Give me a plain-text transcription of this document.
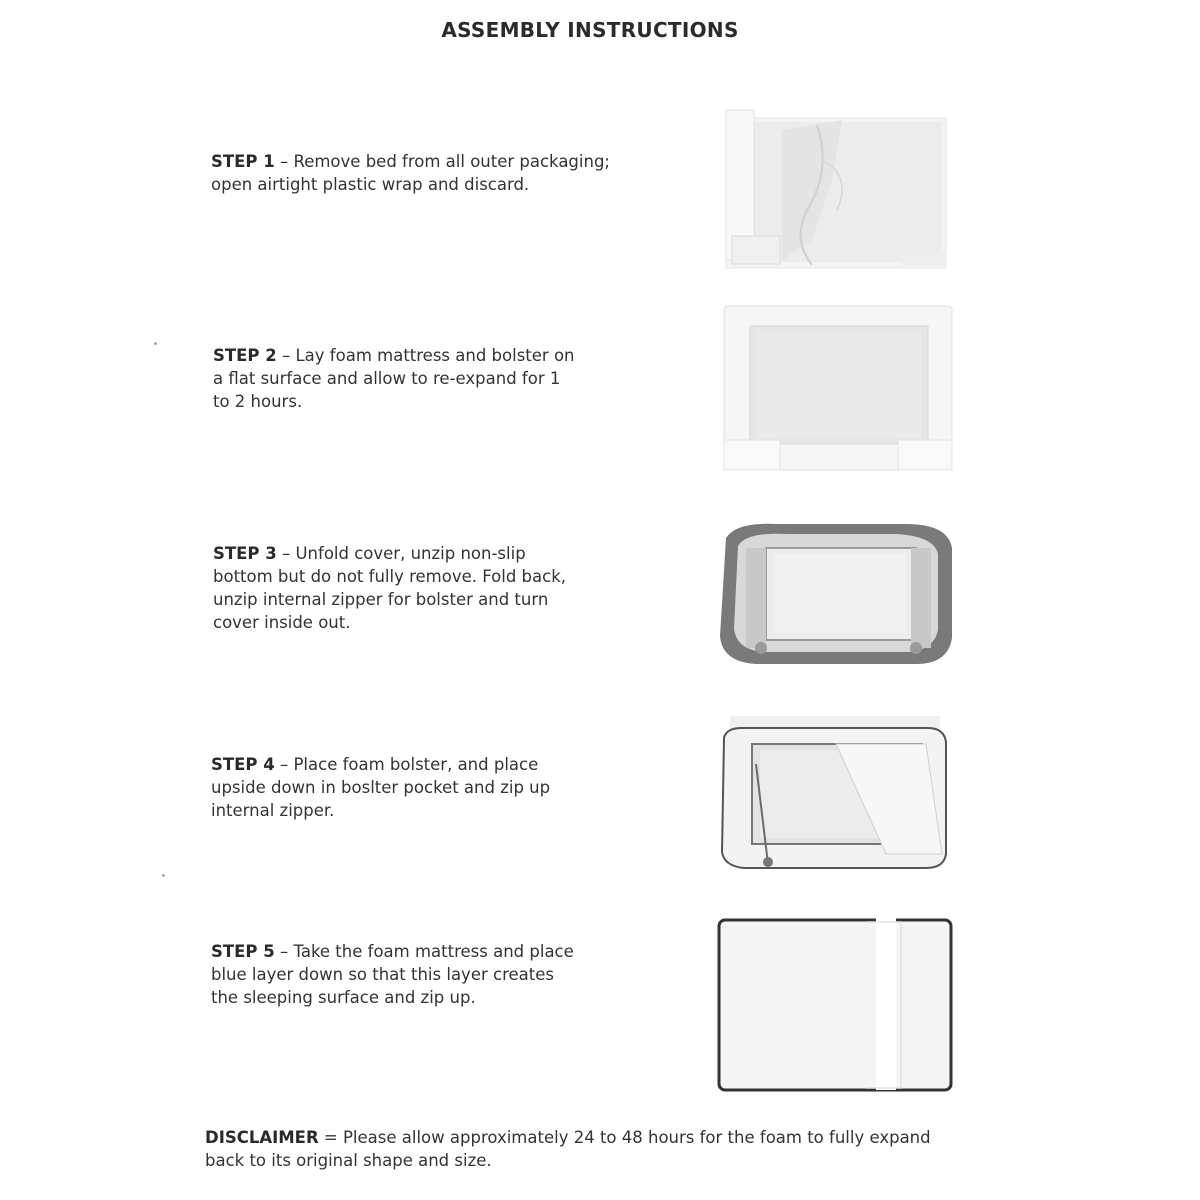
ASSEMBLY INSTRUCTIONS

STEP 1 – Remove bed from all outer packaging;

open airtight plastic wrap and discard.

STEP 2 – Lay foam mattress and bolster on

a flat surface and allow to re-expand for 1

to 2 hours.

STEP 3 – Unfold cover, unzip non-slip

bottom but do not fully remove. Fold back,

unzip internal zipper for bolster and turn

cover inside out.

STEP 4 – Place foam bolster, and place

upside down in boslter pocket and zip up

internal zipper.

STEP 5 – Take the foam mattress and place

blue layer down so that this layer creates

the sleeping surface and zip up.

DISCLAIMER = Please allow approximately 24 to 48 hours for the foam to fully expand

back to its original shape and size.
